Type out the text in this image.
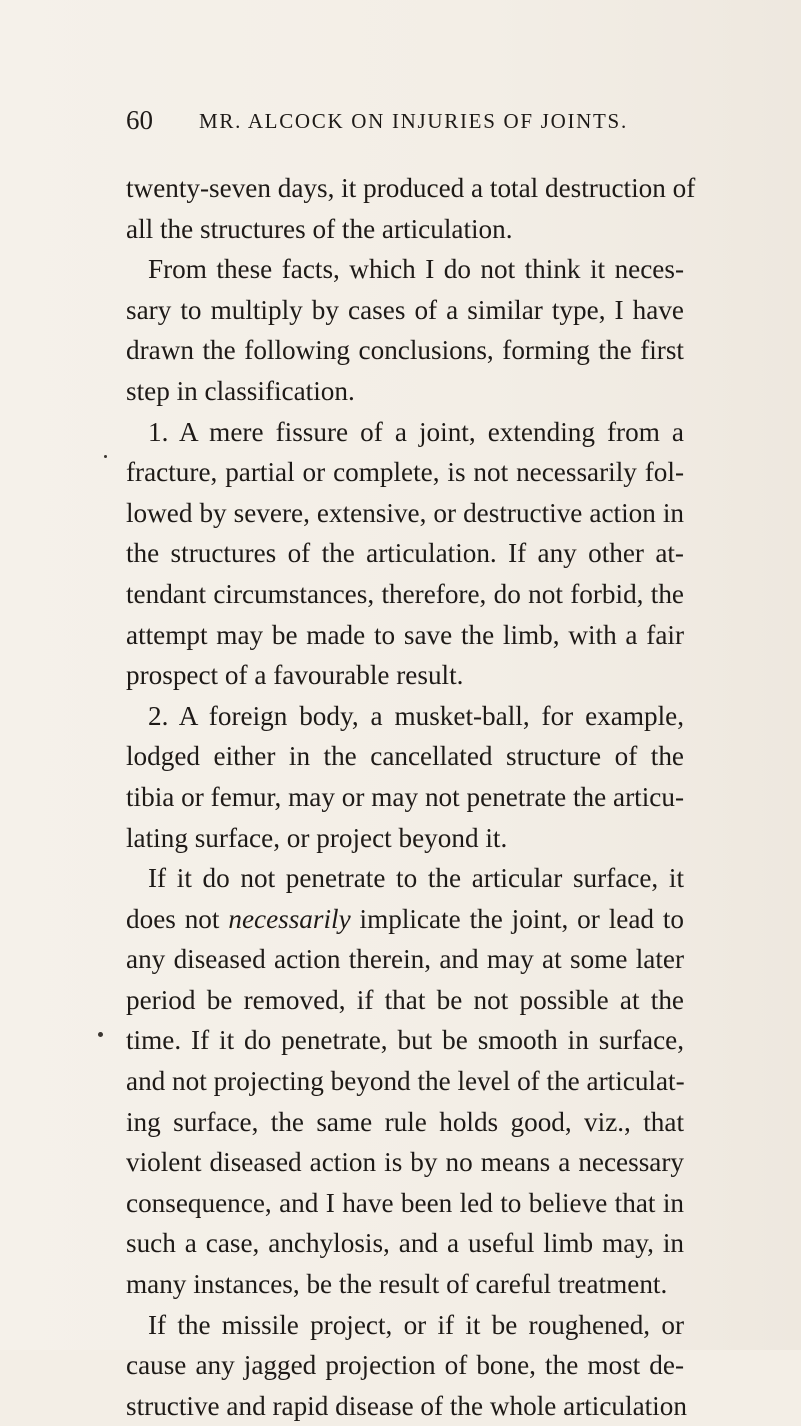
60 MR. ALCOCK ON INJURIES OF JOINTS.
twenty-seven days, it produced a total destruction of
all the structures of the articulation.
From these facts, which I do not think it neces-
sary to multiply by cases of a similar type, I have
drawn the following conclusions, forming the first
step in classification.
1. A mere fissure of a joint, extending from a
fracture, partial or complete, is not necessarily fol-
lowed by severe, extensive, or destructive action in
the structures of the articulation. If any other at-
tendant circumstances, therefore, do not forbid, the
attempt may be made to save the limb, with a fair
prospect of a favourable result.
2. A foreign body, a musket-ball, for example,
lodged either in the cancellated structure of the
tibia or femur, may or may not penetrate the articu-
lating surface, or project beyond it.
If it do not penetrate to the articular surface, it
does not necessarily implicate the joint, or lead to
any diseased action therein, and may at some later
period be removed, if that be not possible at the
time. If it do penetrate, but be smooth in surface,
and not projecting beyond the level of the articulat-
ing surface, the same rule holds good, viz., that
violent diseased action is by no means a necessary
consequence, and I have been led to believe that in
such a case, anchylosis, and a useful limb may, in
many instances, be the result of careful treatment.
If the missile project, or if it be roughened, or
cause any jagged projection of bone, the most de-
structive and rapid disease of the whole articulation
